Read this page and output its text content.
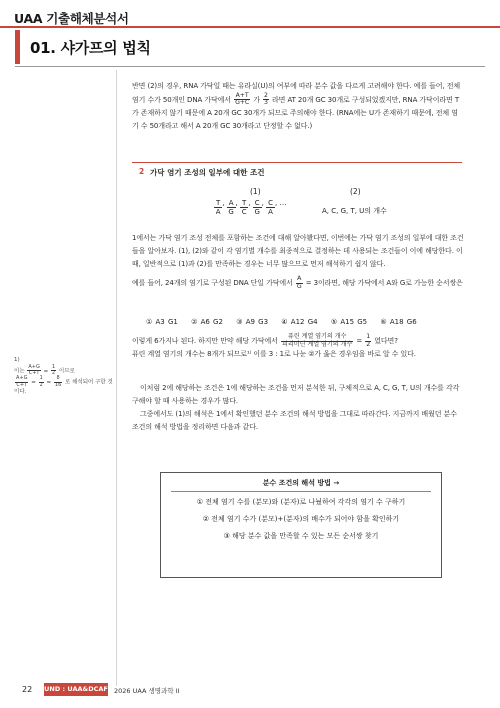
UAA 기출해체분석서
01. 샤가프의 법칙
반면 (2)의 경우, RNA 가닥일 때는 유라실(U)의 여부에 따라 분수 값을 다르게 고려해야 한다. 예를 들어, 전체 염기 수가 50개인 DNA 가닥에서 $\frac{A+T}{G+C}$ 가 $\frac{2}{3}$ 라면 AT 20개 GC 30개로 구성되었겠지만, RNA 가닥이라면 T가 존재하지 않기 때문에 A 20개 GC 30개가 되므로 주의해야 한다. (RNA에는 U가 존재하기 때문에, 전체 염기 수 50개라고 해서 A 20개 GC 30개라고 단정할 수 없다.)
2 가닥 염기 조성의 일부에 대한 조건
(1)	(2)
$\frac{T}{A}$, $\frac{A}{G}$, $\frac{T}{C}$, $\frac{C}{G}$, $\frac{C}{A}$, …
A, C, G, T, U의 개수
1에서는 가닥 염기 조성 전체를 포함하는 조건에 대해 알아봤다면, 이번에는 가닥 염기 조성의 일부에 대한 조건들을 알아보자. (1), (2)와 같이 각 염기별 개수를 최종적으로 결정하는 데 사용되는 조건들이 이에 해당한다. 이때, 일반적으로 (1)과 (2)를 만족하는 경우는 너무 많으므로 먼저 해석하기 쉽지 않다.
예를 들어, 24개의 염기로 구성된 DNA 단일 가닥에서 $\frac{A}{G} = 3$이라면, 해당 가닥에서 A와 G로 가능한 순서쌍은
① A3 G1 ② A6 G2 ③ A9 G3 ④ A12 G4 ⑤ A15 G5 ⑥ A18 G6
이렇게 6가지나 된다. 하지만 만약 해당 가닥에서 $\frac{\text{퓨린 계열 염기의 개수}}{\text{피리미딘 계열 염기의 개수}} = \frac{1}{2}$ 였다면?
퓨린 계열 염기의 개수는 8개가 되므로¹⁾ 이를 3 : 1로 나눈 ②가 옳은 경우임을 바로 알 수 있다.
이처럼 2에 해당하는 조건은 1에 해당하는 조건을 먼저 분석한 뒤, 구체적으로 A, C, G, T, U의 개수를 각각 구해야 할 때 사용하는 경우가 많다.
그중에서도 (1)의 해석은 1에서 확인했던 분수 조건의 해석 방법을 그대로 따라간다. 지금까지 배웠던 분수 조건의 해석 방법을 정리하면 다음과 같다.
1)
이는 $\frac{A+G}{C+T} = \frac{1}{2}$ 이므로
$\frac{A+G}{C+T} = \frac{1}{2} = \frac{8}{16}$ 로 해석되어 구한 것이다.
분수 조건의 해석 방법 →
① 전체 염기 수를 (분모)와 (분자)로 나눴하여 각각의 염기 수 구하기
② 전체 염기 수가 (분모)+(분자)의 배수가 되어야 함을 확인하기
③ 해당 분수 값을 만족할 수 있는 모든 순서쌍 찾기
22 UND : UAA&DCAF 2026 UAA 생명과학 II
